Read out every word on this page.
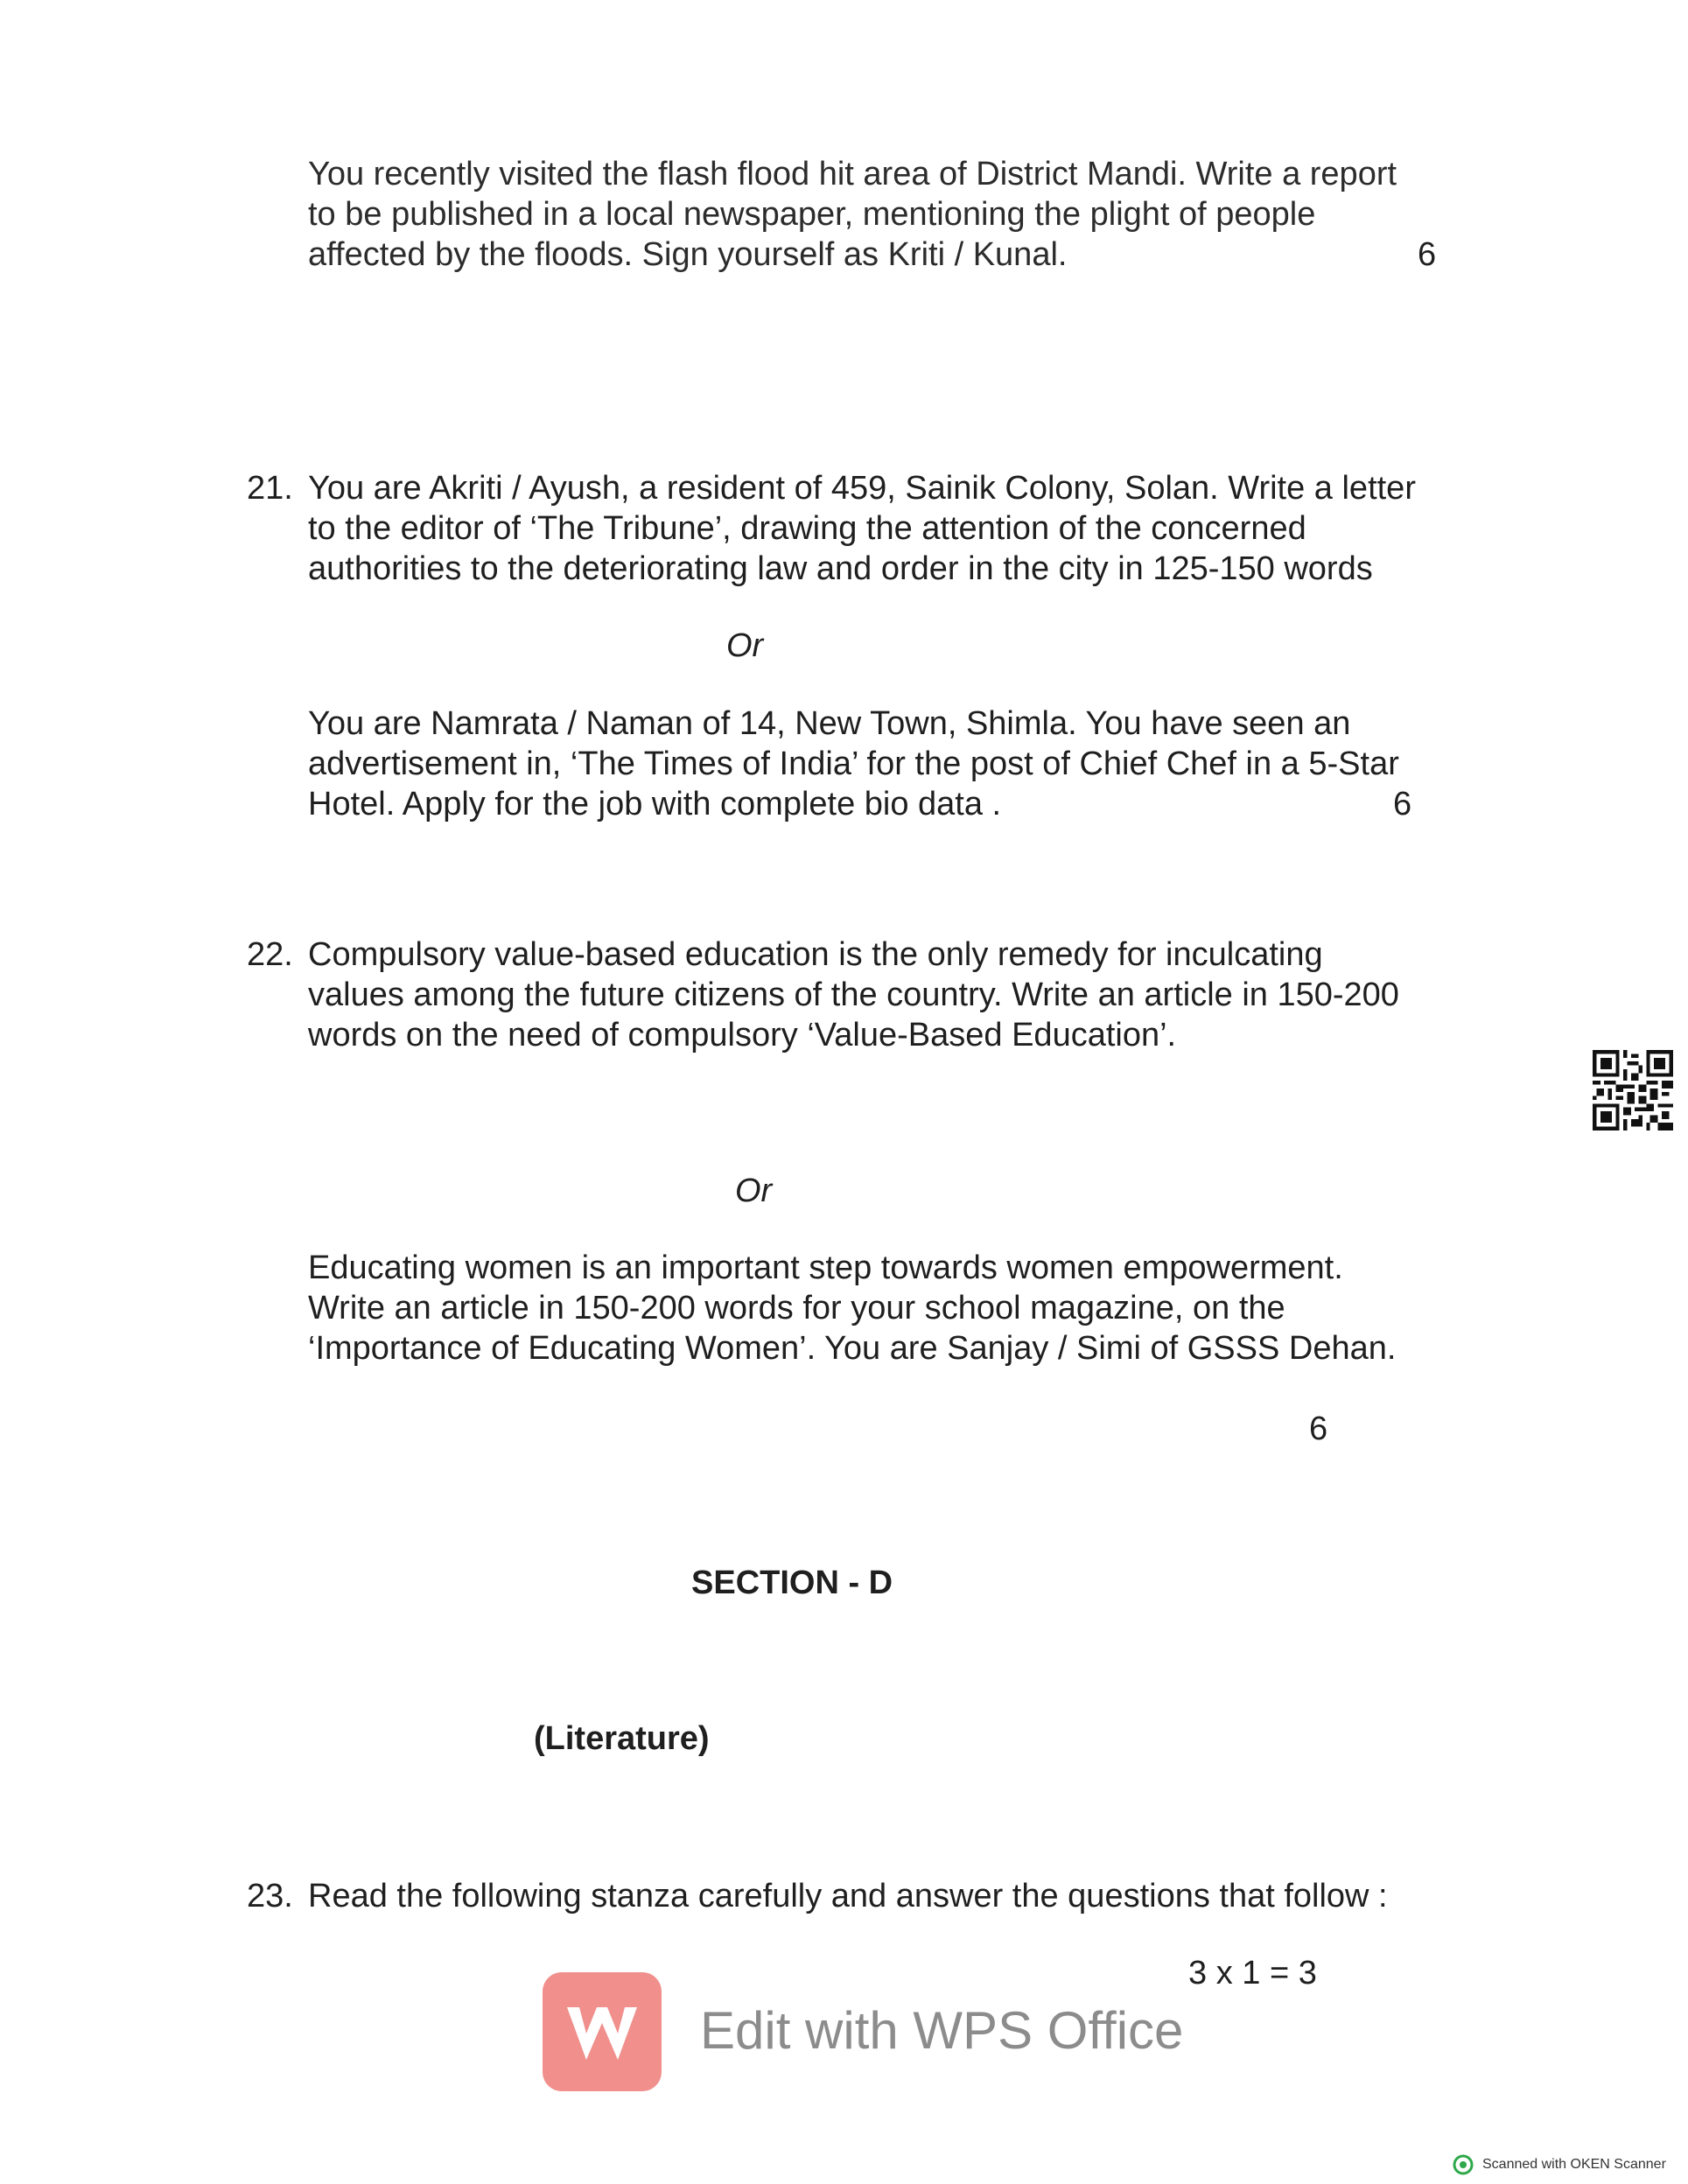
You recently visited the flash flood hit area of District Mandi. Write a report
to be published in a local newspaper, mentioning the plight of people
affected by the floods. Sign yourself as Kriti / Kunal.	6
21. You are Akriti / Ayush, a resident of 459, Sainik Colony, Solan. Write a letter
to the editor of ‘The Tribune’, drawing the attention of the concerned
authorities to the deteriorating law and order in the city in 125-150 words
Or
You are Namrata / Naman of 14, New Town, Shimla. You have seen an
advertisement in, ‘The Times of India’ for the post of Chief Chef in a 5-Star
Hotel. Apply for the job with complete bio data .	6
22. Compulsory value-based education is the only remedy for inculcating
values among the future citizens of the country. Write an article in 150-200
words on the need of compulsory ‘Value-Based Education’.
Or
Educating women is an important step towards women empowerment.
Write an article in 150-200 words for your school magazine, on the
‘Importance of Educating Women’. You are Sanjay / Simi of GSSS Dehan.
6
SECTION - D
(Literature)
23. Read the following stanza carefully and answer the questions that follow :
3 x 1 = 3
Edit with WPS Office
Scanned with OKEN Scanner
